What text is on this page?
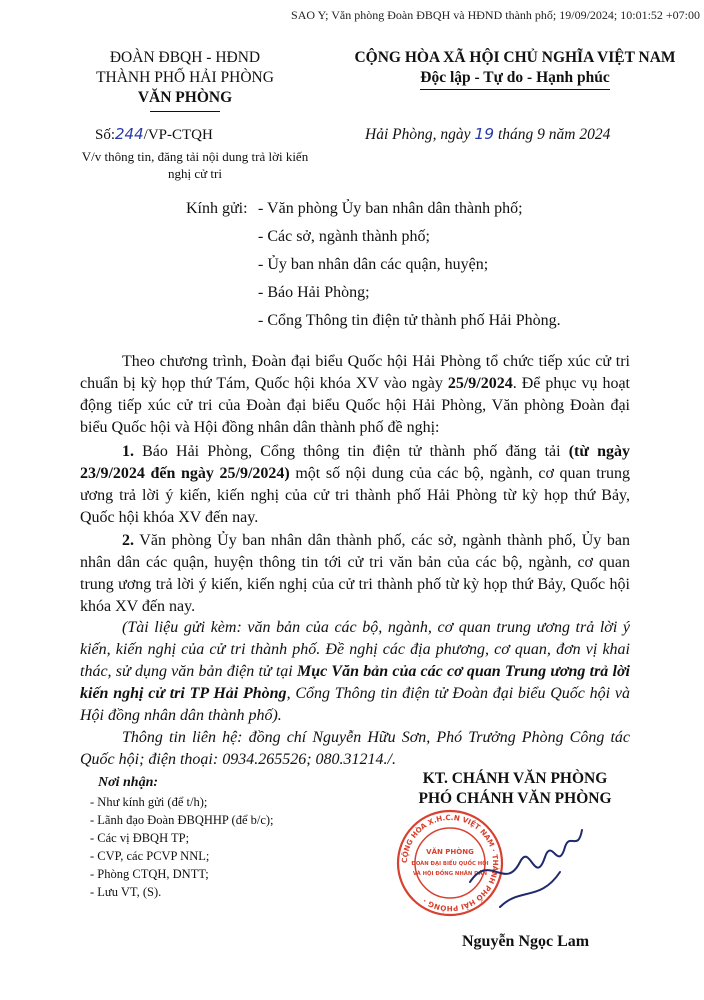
SAO Y; Văn phòng Đoàn ĐBQH và HĐND thành phố; 19/09/2024; 10:01:52 +07:00
ĐOÀN ĐBQH - HĐND
THÀNH PHỐ HẢI PHÒNG
VĂN PHÒNG
CỘNG HÒA XÃ HỘI CHỦ NGHĨA VIỆT NAM
Độc lập - Tự do - Hạnh phúc
Số:244/VP-CTQH
V/v thông tin, đăng tải nội dung trả lời kiến nghị cử tri
Hải Phòng, ngày 19 tháng 9 năm 2024
Kính gửi: - Văn phòng Ủy ban nhân dân thành phố;
- Các sở, ngành thành phố;
- Ủy ban nhân dân các quận, huyện;
- Báo Hải Phòng;
- Cổng Thông tin điện tử thành phố Hải Phòng.
Theo chương trình, Đoàn đại biểu Quốc hội Hải Phòng tổ chức tiếp xúc cử tri chuẩn bị kỳ họp thứ Tám, Quốc hội khóa XV vào ngày 25/9/2024. Để phục vụ hoạt động tiếp xúc cử tri của Đoàn đại biểu Quốc hội Hải Phòng, Văn phòng Đoàn đại biểu Quốc hội và Hội đồng nhân dân thành phố đề nghị:
1. Báo Hải Phòng, Cổng thông tin điện tử thành phố đăng tải (từ ngày 23/9/2024 đến ngày 25/9/2024) một số nội dung của các bộ, ngành, cơ quan trung ương trả lời ý kiến, kiến nghị của cử tri thành phố Hải Phòng từ kỳ họp thứ Bảy, Quốc hội khóa XV đến nay.
2. Văn phòng Ủy ban nhân dân thành phố, các sở, ngành thành phố, Ủy ban nhân dân các quận, huyện thông tin tới cử tri văn bản của các bộ, ngành, cơ quan trung ương trả lời ý kiến, kiến nghị của cử tri thành phố từ kỳ họp thứ Bảy, Quốc hội khóa XV đến nay.
(Tài liệu gửi kèm: văn bản của các bộ, ngành, cơ quan trung ương trả lời ý kiến, kiến nghị của cử tri thành phố. Đề nghị các địa phương, cơ quan, đơn vị khai thác, sử dụng văn bản điện tử tại Mục Văn bản của các cơ quan Trung ương trả lời kiến nghị cử tri TP Hải Phòng, Cổng Thông tin điện tử Đoàn đại biểu Quốc hội và Hội đồng nhân dân thành phố).
Thông tin liên hệ: đồng chí Nguyễn Hữu Sơn, Phó Trưởng Phòng Công tác Quốc hội; điện thoại: 0934.265526; 080.31214./.
Nơi nhận:
- Như kính gửi (để t/h);
- Lãnh đạo Đoàn ĐBQHHP (để b/c);
- Các vị ĐBQH TP;
- CVP, các PCVP NNL;
- Phòng CTQH, DNTT;
- Lưu VT, (S).
KT. CHÁNH VĂN PHÒNG
PHÓ CHÁNH VĂN PHÒNG
CỘNG HÒA X.H.C.N VIỆT NAM · THÀNH PHỐ HẢI PHÒNG ·
VĂN PHÒNG
ĐOÀN ĐẠI BIỂU QUỐC HỘI
VÀ HỘI ĐỒNG NHÂN DÂN
Nguyễn Ngọc Lam
